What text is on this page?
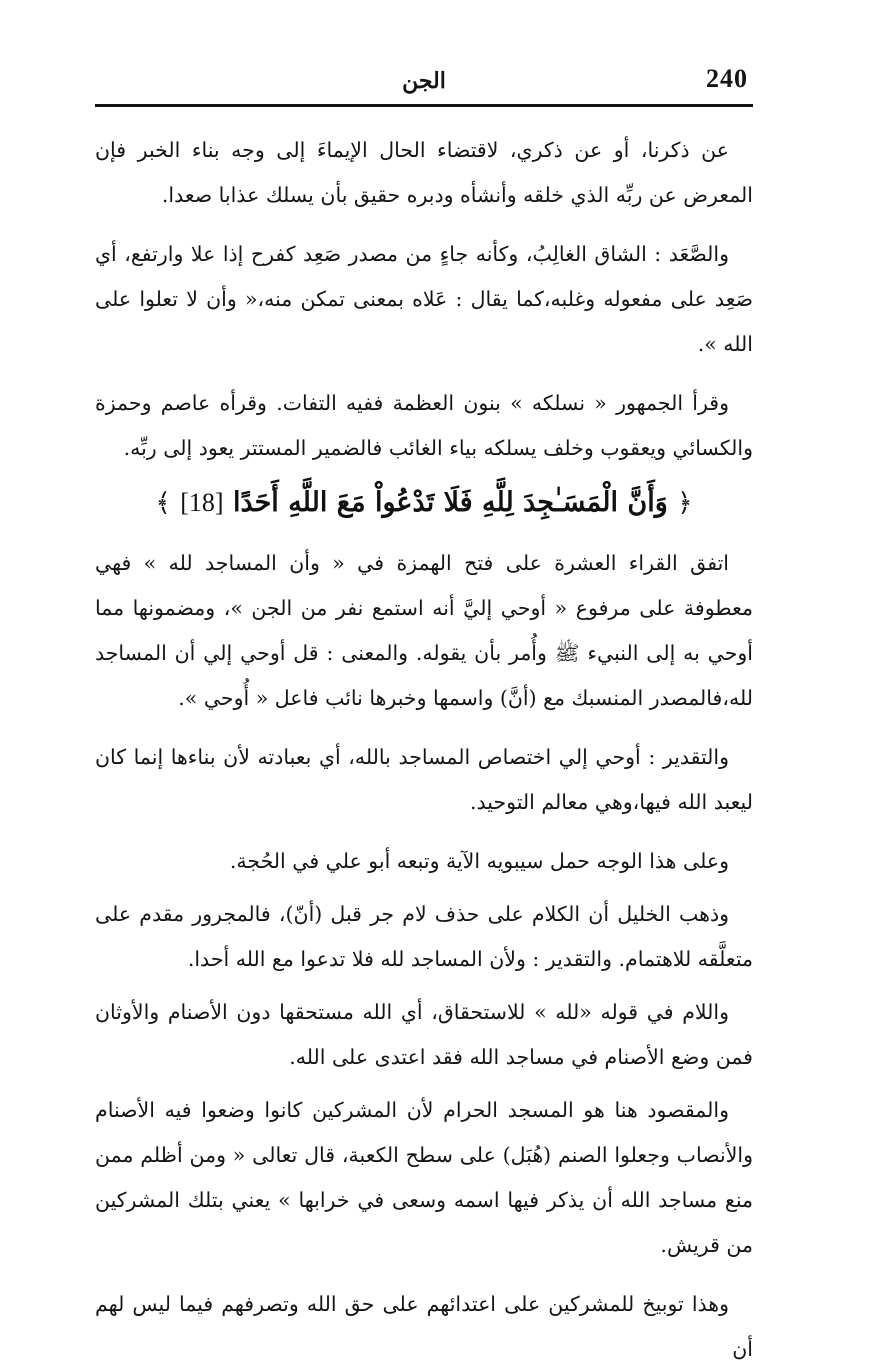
240
الجن

عن ذكرنا، أو عن ذكري، لاقتضاء الحال الإيماءَ إلى وجه بناء الخبر فإن المعرض عن ربِّه الذي خلقه وأنشأه ودبره حقيق بأن يسلك عذابا صعدا.

والصَّعَد : الشاق الغالِبُ، وكأنه جاءٍ من مصدر صَعِد كفرح إذا علا وارتفع، أي صَعِد على مفعوله وغلبه،كما يقال : عَلاه بمعنى تمكن منه،« وأن لا تعلوا على الله ».

وقرأ الجمهور « نسلكه » بنون العظمة ففيه التفات. وقرأه عاصم وحمزة والكسائي ويعقوب وخلف يسلكه بياء الغائب فالضمير المستتر يعود إلى ربِّه.

﴿ وَأَنَّ الْمَسَـٰجِدَ لِلَّهِ فَلَا تَدْعُواْ مَعَ اللَّهِ أَحَدًا [18] ﴾

اتفق القراء العشرة على فتح الهمزة في « وأن المساجد لله » فهي معطوفة على مرفوع « أوحي إليَّ أنه استمع نفر من الجن »، ومضمونها مما أوحي به إلى النبيء ﷺ وأُمر بأن يقوله. والمعنى : قل أوحي إلي أن المساجد لله،فالمصدر المنسبك مع (أنَّ) واسمها وخبرها نائب فاعل « أُوحي ».

والتقدير : أوحي إلي اختصاص المساجد بالله، أي بعبادته لأن بناءها إنما كان ليعبد الله فيها،وهي معالم التوحيد.

وعلى هذا الوجه حمل سيبويه الآية وتبعه أبو علي في الحُجة.

وذهب الخليل أن الكلام على حذف لام جر قبل (أنّ)، فالمجرور مقدم على متعلَّقه للاهتمام. والتقدير : ولأن المساجد لله فلا تدعوا مع الله أحدا.

واللام في قوله «لله » للاستحقاق، أي الله مستحقها دون الأصنام والأوثان فمن وضع الأصنام في مساجد الله فقد اعتدى على الله.

والمقصود هنا هو المسجد الحرام لأن المشركين كانوا وضعوا فيه الأصنام والأنصاب وجعلوا الصنم (هُبَل) على سطح الكعبة، قال تعالى « ومن أظلم ممن منع مساجد الله أن يذكر فيها اسمه وسعى في خرابها » يعني بتلك المشركين من قريش.

وهذا توبيخ للمشركين على اعتدائهم على حق الله وتصرفهم فيما ليس لهم أن
